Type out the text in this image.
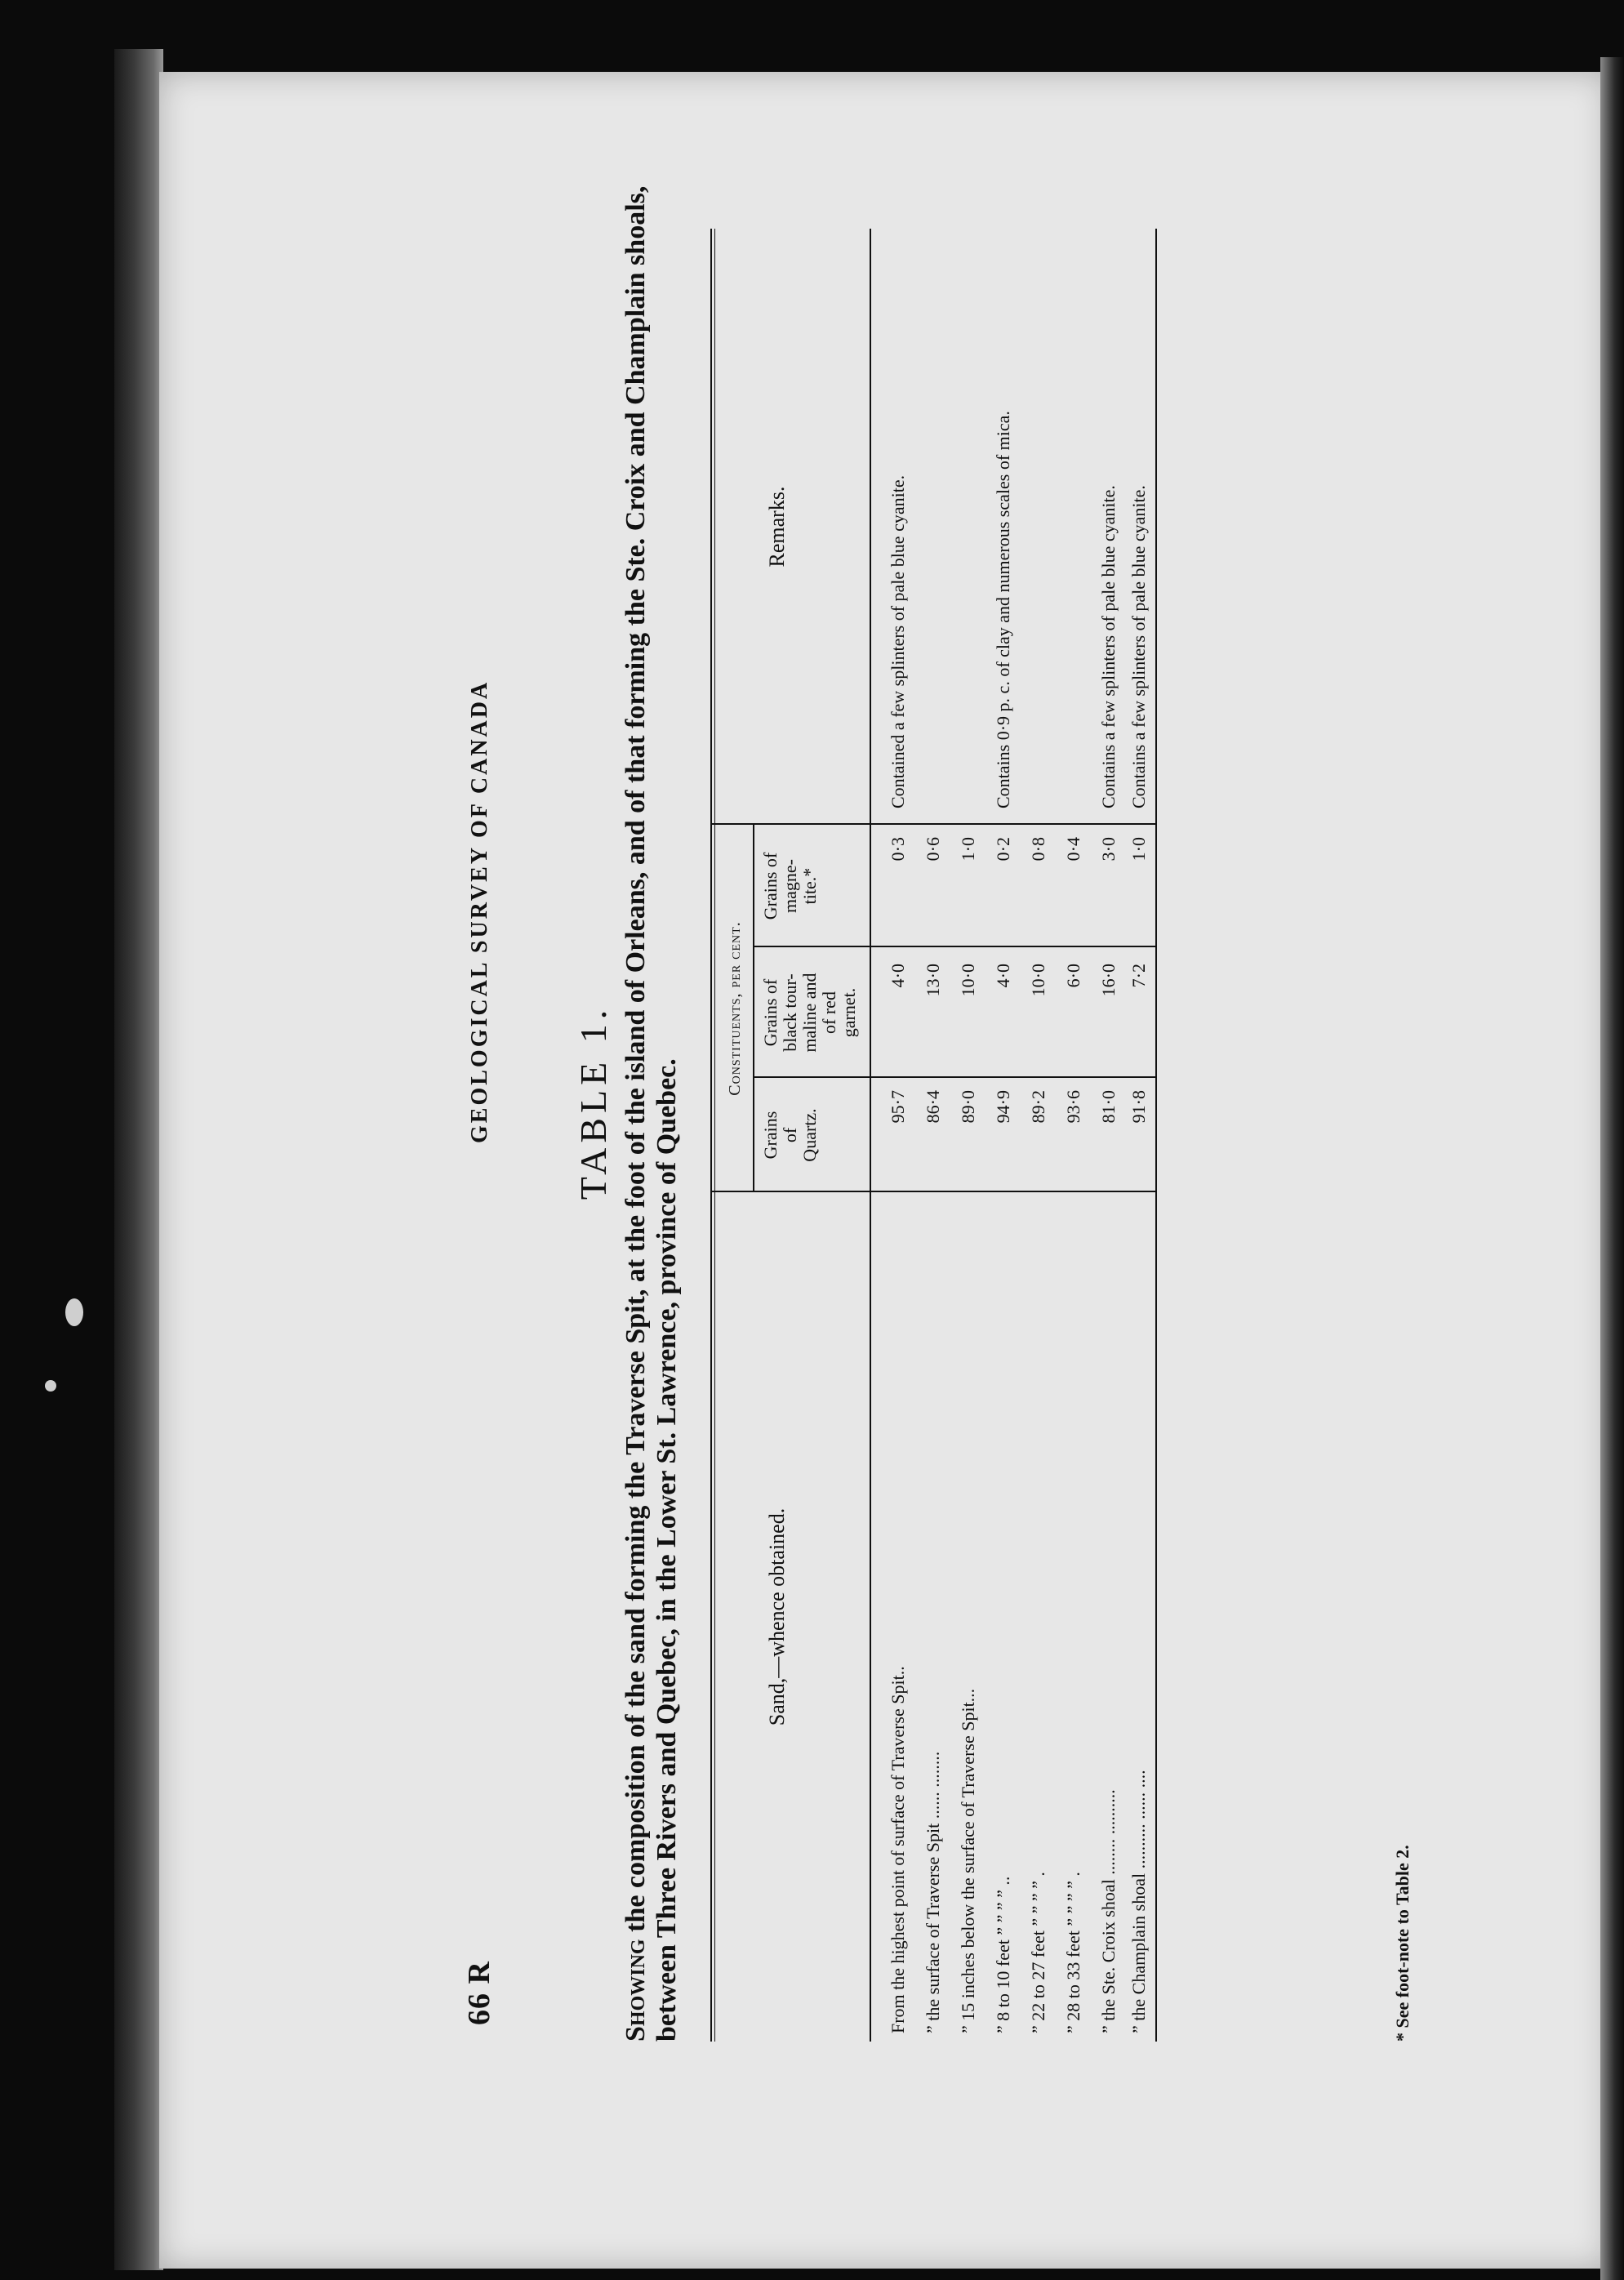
66 R
GEOLOGICAL SURVEY OF CANADA TABLE 1.
Showing the composition of the sand forming the Traverse Spit, at the foot of the island of Orleans, and of that forming the Ste. Croix and Champlain shoals, between Three Rivers and Quebec, in the Lower St. Lawrence, province of Quebec.	Sand,—whence obtained.
Constituents, per cent.
Grains
of
Quartz.
Grains of
black tour-
maline and
of red
garnet.
Grains of
magne-
tite.*
Remarks.
From the highest point of surface of Traverse Spit..
95·7
4·0
0·3
Contained a few splinters of pale blue cyanite.
” the surface of Traverse Spit ...... ........
86·4
13·0
0·6
” 15 inches below the surface of Traverse Spit...
89·0
10·0
1·0
” 8 to 10 feet ” ” ” ” ..
94·9
4·0
0·2
Contains 0·9 p. c. of clay and numerous scales of mica.
” 22 to 27 feet ” ” ” ” .
89·2
10·0
0·8
” 28 to 33 feet ” ” ” ” .
93·6
6·0
0·4
” the Ste. Croix shoal ........ ..........
81·0
16·0
3·0
Contains a few splinters of pale blue cyanite.
” the Champlain shoal .......... ...... ....
91·8
7·2
1·0
Contains a few splinters of pale blue cyanite.
* See foot-note to Table 2.
